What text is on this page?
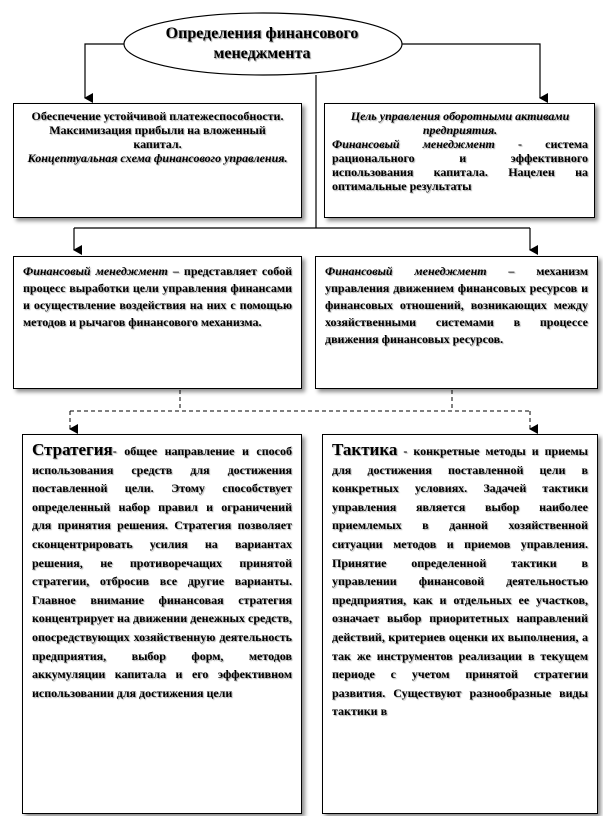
Определения финансового
менеджмента
Обеспечение устойчивой платежеспособности.
Максимизация прибыли на вложенный капитал.
Концептуальная схема финансового управления.
Цель управления оборотными активами предприятия.
Финансовый менеджмент - система рационального и эффективного использования капитала. Нацелен на оптимальные результаты
Финансовый менеджмент – представляет собой процесс выработки цели управления финансами и осуществление воздействия на них с помощью методов и рычагов финансового механизма.
Финансовый менеджмент – механизм управления движением финансовых ресурсов и финансовых отношений, возникающих между хозяйственными системами в процессе движения финансовых ресурсов.
Стратегия- общее направление и способ использования средств для достижения поставленной цели. Этому способствует определенный набор правил и ограничений для принятия решения. Стратегия позволяет сконцентрировать усилия на вариантах решения, не противоречащих принятой стратегии, отбросив все другие варианты. Главное внимание финансовая стратегия концентрирует на движении денежных средств, опосредствующих хозяйственную деятельность предприятия, выбор форм, методов аккумуляции капитала и его эффективном использовании для достижения цели
Тактика - конкретные методы и приемы для достижения поставленной цели в конкретных условиях. Задачей тактики управления является выбор наиболее приемлемых в данной хозяйственной ситуации методов и приемов управления. Принятие определенной тактики в управлении финансовой деятельностью предприятия, как и отдельных ее участков, означает выбор приоритетных направлений действий, критериев оценки их выполнения, а так же инструментов реализации в текущем периоде с учетом принятой стратегии развития. Существуют разнообразные виды тактики в
